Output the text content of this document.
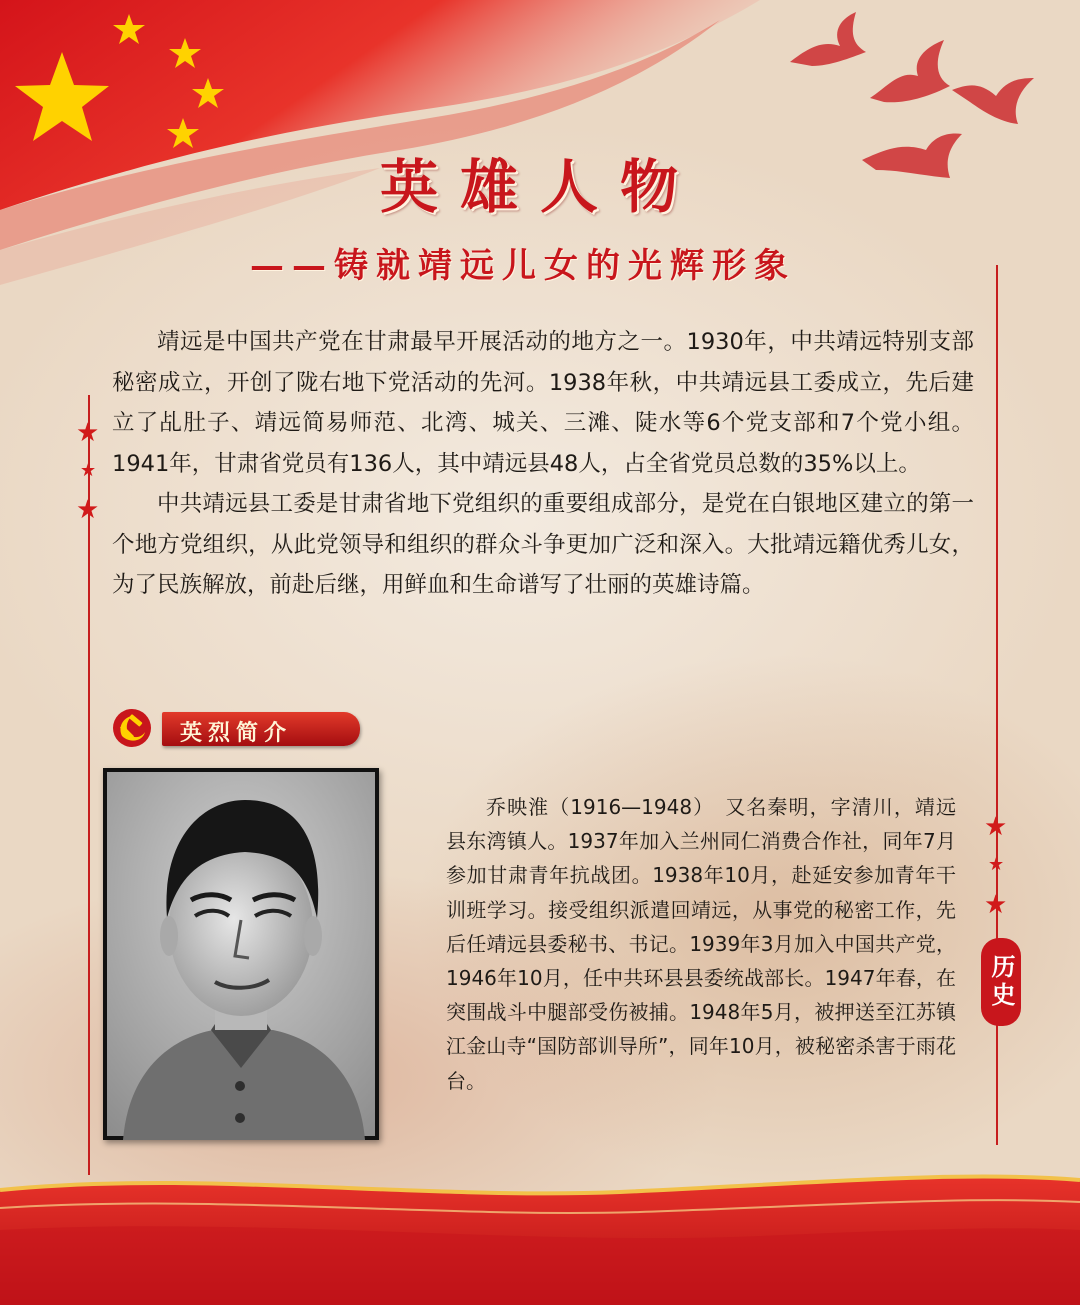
★
★
★
★
★
★
英雄人物
——铸就靖远儿女的光辉形象

靖远是中国共产党在甘肃最早开展活动的地方之一。1930年，中共靖远特别支部秘密成立，开创了陇右地下党活动的先河。1938年秋，中共靖远县工委成立，先后建立了乩肚子、靖远简易师范、北湾、城关、三滩、陡水等6个党支部和7个党小组。1941年，甘肃省党员有136人，其中靖远县48人，占全省党员总数的35%以上。

中共靖远县工委是甘肃省地下党组织的重要组成部分，是党在白银地区建立的第一个地方党组织，从此党领导和组织的群众斗争更加广泛和深入。大批靖远籍优秀儿女，为了民族解放，前赴后继，用鲜血和生命谱写了壮丽的英雄诗篇。

英烈简介

乔映淮（1916—1948）　又名秦明，字清川，靖远县东湾镇人。1937年加入兰州同仁消费合作社，同年7月参加甘肃青年抗战团。1938年10月，赴延安参加青年干训班学习。接受组织派遣回靖远，从事党的秘密工作，先后任靖远县委秘书、书记。1939年3月加入中国共产党，1946年10月，任中共环县县委统战部长。1947年春，在突围战斗中腿部受伤被捕。1948年5月，被押送至江苏镇江金山寺“国防部训导所”，同年10月，被秘密杀害于雨花台。

历史
